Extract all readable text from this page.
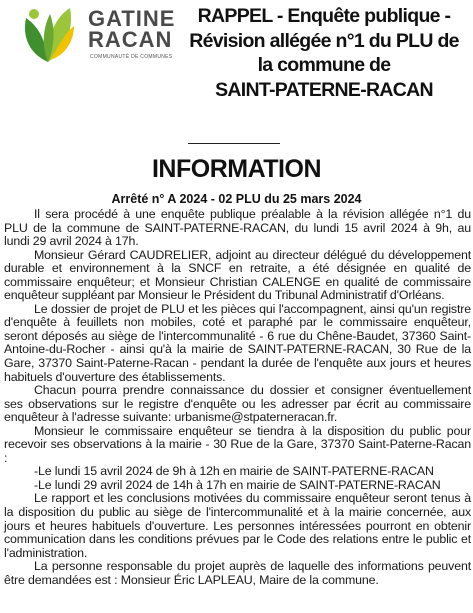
GATINE
RACAN
COMMUNAUTÉ DE COMMUNES
RAPPEL - Enquête publique -
Révision allégée n°1 du PLU de
la commune de
SAINT-PATERNE-RACAN
INFORMATION
Arrêté n° A 2024 - 02 PLU du 25 mars 2024

Il sera procédé à une enquête publique préalable à la révision allégée n°1 du PLU de la commune de SAINT-PATERNE-RACAN, du lundi 15 avril 2024 à 9h, au lundi 29 avril 2024 à 17h.

Monsieur Gérard CAUDRELIER, adjoint au directeur délégué du développement durable et environnement à la SNCF en retraite, a été désignée en qualité de commissaire enquêteur; et Monsieur Christian CALENGE en qualité de commissaire enquêteur suppléant par Monsieur le Président du Tribunal Administratif d'Orléans.

Le dossier de projet de PLU et les pièces qui l'accompagnent, ainsi qu'un registre d'enquête à feuillets non mobiles, coté et paraphé par le commissaire enquêteur, seront déposés au siège de l'intercommunalité - 6 rue du Chêne-Baudet, 37360 Saint-Antoine-du-Rocher - ainsi qu'à la mairie de SAINT-PATERNE-RACAN, 30 Rue de la Gare, 37370 Saint-Paterne-Racan - pendant la durée de l'enquête aux jours et heures habituels d'ouverture des établissements.

Chacun pourra prendre connaissance du dossier et consigner éventuellement ses observations sur le registre d'enquête ou les adresser par écrit au commissaire enquêteur à l'adresse suivante: urbanisme@stpaterneracan.fr.

Monsieur le commissaire enquêteur se tiendra à la disposition du public pour recevoir ses observations à la mairie - 30 Rue de la Gare, 37370 Saint-Paterne-Racan :

-Le lundi 15 avril 2024 de 9h à 12h en mairie de SAINT-PATERNE-RACAN

-Le lundi 29 avril 2024 de 14h à 17h en mairie de SAINT-PATERNE-RACAN

Le rapport et les conclusions motivées du commissaire enquêteur seront tenus à la disposition du public au siège de l'intercommunalité et à la mairie concernée, aux jours et heures habituels d'ouverture. Les personnes intéressées pourront en obtenir communication dans les conditions prévues par le Code des relations entre le public et l'administration.

La personne responsable du projet auprès de laquelle des informations peuvent être demandées est : Monsieur Éric LAPLEAU, Maire de la commune.
